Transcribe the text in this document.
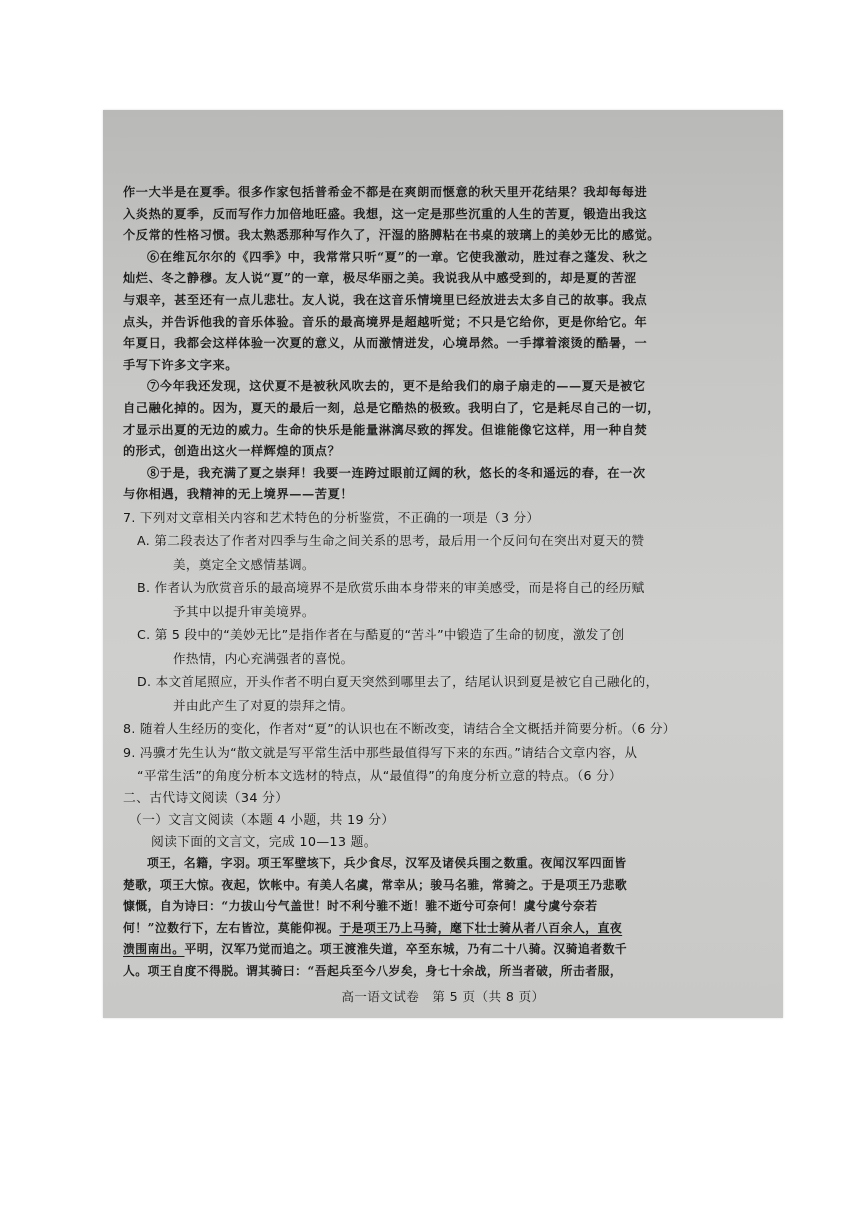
作一大半是在夏季。很多作家包括普希金不都是在爽朗而惬意的秋天里开花结果？我却每每进
入炎热的夏季，反而写作力加倍地旺盛。我想，这一定是那些沉重的人生的苦夏，锻造出我这
个反常的性格习惯。我太熟悉那种写作久了，汗湿的胳膊粘在书桌的玻璃上的美妙无比的感觉。
⑥在维瓦尔尔的《四季》中，我常常只听“夏”的一章。它使我激动，胜过春之蓬发、秋之
灿烂、冬之静穆。友人说“夏”的一章，极尽华丽之美。我说我从中感受到的，却是夏的苦涩
与艰辛，甚至还有一点儿悲壮。友人说，我在这音乐情境里已经放进去太多自己的故事。我点
点头，并告诉他我的音乐体验。音乐的最高境界是超越听觉；不只是它给你，更是你给它。年
年夏日，我都会这样体验一次夏的意义，从而激情迸发，心境昂然。一手撑着滚烫的酷暑，一
手写下许多文字来。
⑦今年我还发现，这伏夏不是被秋风吹去的，更不是给我们的扇子扇走的——夏天是被它
自己融化掉的。因为，夏天的最后一刻，总是它酷热的极致。我明白了，它是耗尽自己的一切，
才显示出夏的无边的威力。生命的快乐是能量淋漓尽致的挥发。但谁能像它这样，用一种自焚
的形式，创造出这火一样辉煌的顶点？
⑧于是，我充满了夏之崇拜！我要一连跨过眼前辽阔的秋，悠长的冬和遥远的春，在一次
与你相遇，我精神的无上境界——苦夏！
7. 下列对文章相关内容和艺术特色的分析鉴赏，不正确的一项是（3 分）
A. 第二段表达了作者对四季与生命之间关系的思考，最后用一个反问句在突出对夏天的赞
美，奠定全文感情基调。
B. 作者认为欣赏音乐的最高境界不是欣赏乐曲本身带来的审美感受，而是将自己的经历赋
予其中以提升审美境界。
C. 第 5 段中的“美妙无比”是指作者在与酷夏的“苦斗”中锻造了生命的韧度，激发了创
作热情，内心充满强者的喜悦。
D. 本文首尾照应，开头作者不明白夏天突然到哪里去了，结尾认识到夏是被它自己融化的，
并由此产生了对夏的崇拜之情。
8. 随着人生经历的变化，作者对“夏”的认识也在不断改变，请结合全文概括并简要分析。（6 分）
9. 冯骥才先生认为“散文就是写平常生活中那些最值得写下来的东西。”请结合文章内容，从
“平常生活”的角度分析本文选材的特点，从“最值得”的角度分析立意的特点。（6 分）
二、古代诗文阅读（34 分）
（一）文言文阅读（本题 4 小题，共 19 分）
阅读下面的文言文，完成 10—13 题。
项王，名籍，字羽。项王军壁垓下，兵少食尽，汉军及诸侯兵围之数重。夜闻汉军四面皆
楚歌，项王大惊。夜起，饮帐中。有美人名虞，常幸从；骏马名骓，常骑之。于是项王乃悲歌
慷慨，自为诗曰：“力拔山兮气盖世！时不利兮骓不逝！骓不逝兮可奈何！虞兮虞兮奈若
何！”泣数行下，左右皆泣，莫能仰视。于是项王乃上马骑，麾下壮士骑从者八百余人，直夜
溃围南出。平明，汉军乃觉而追之。项王渡淮失道，卒至东城，乃有二十八骑。汉骑追者数千
人。项王自度不得脱。谓其骑曰：“吾起兵至今八岁矣，身七十余战，所当者破，所击者服，
高一语文试卷　第 5 页（共 8 页）
